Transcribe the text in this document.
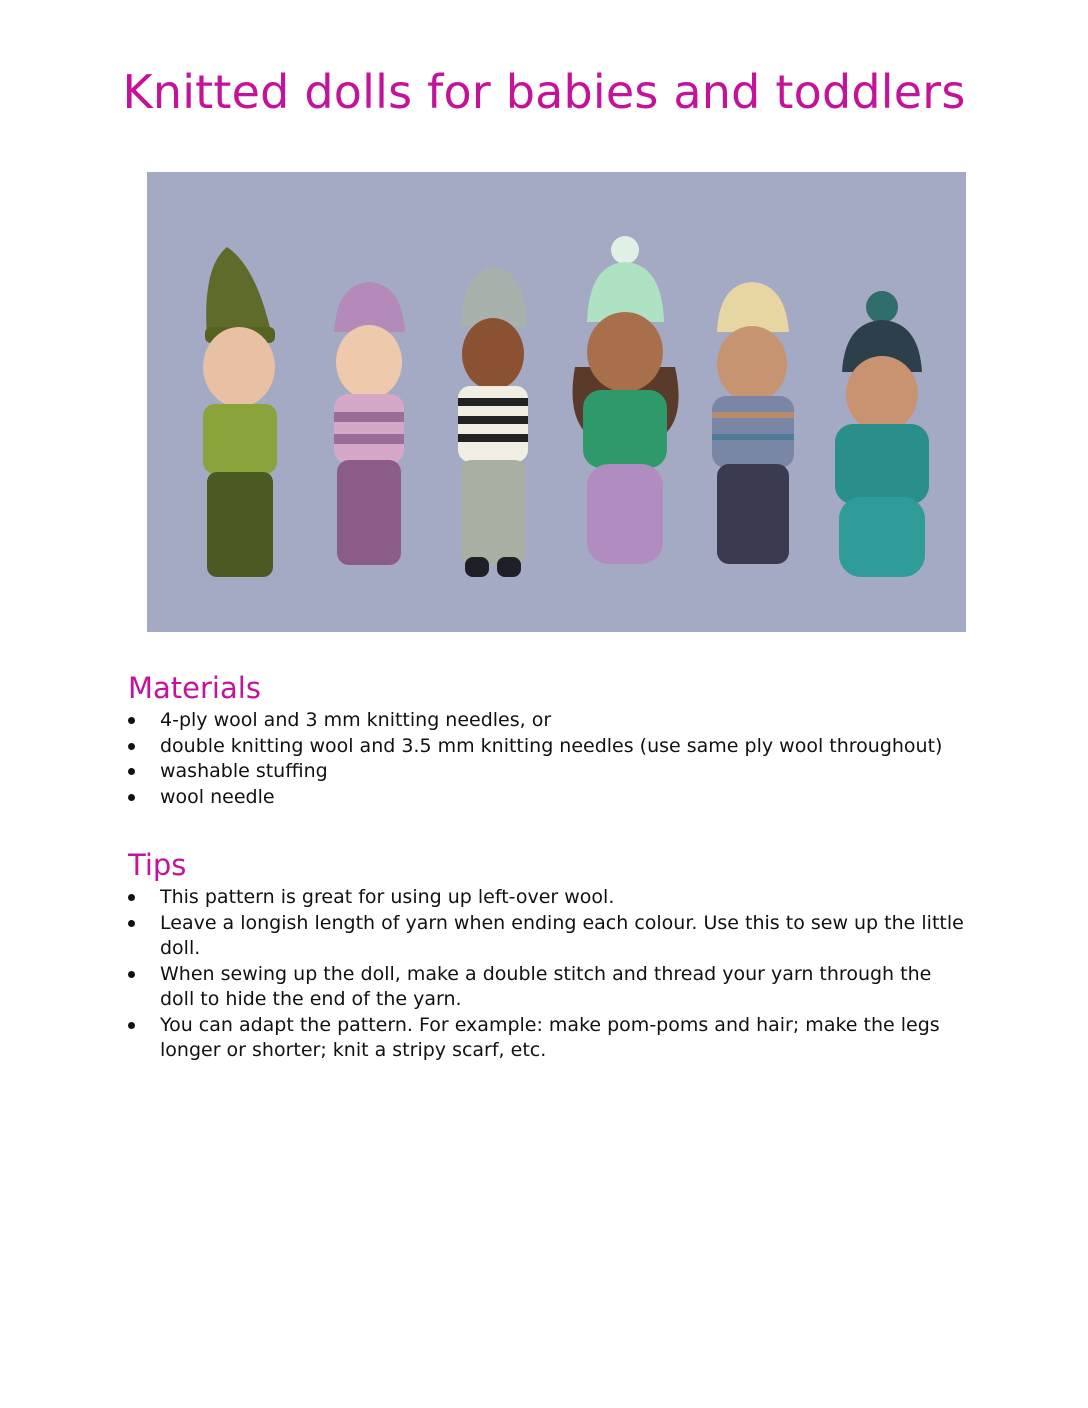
Knitted dolls for babies and toddlers
Materials
4-ply wool and 3 mm knitting needles, or
double knitting wool and 3.5 mm knitting needles (use same ply wool throughout)
washable stuffing
wool needle
Tips
This pattern is great for using up left-over wool.
Leave a longish length of yarn when ending each colour. Use this to sew up the little doll.
When sewing up the doll, make a double stitch and thread your yarn through the doll to hide the end of the yarn.
You can adapt the pattern. For example: make pom-poms and hair; make the legs longer or shorter; knit a stripy scarf, etc.
